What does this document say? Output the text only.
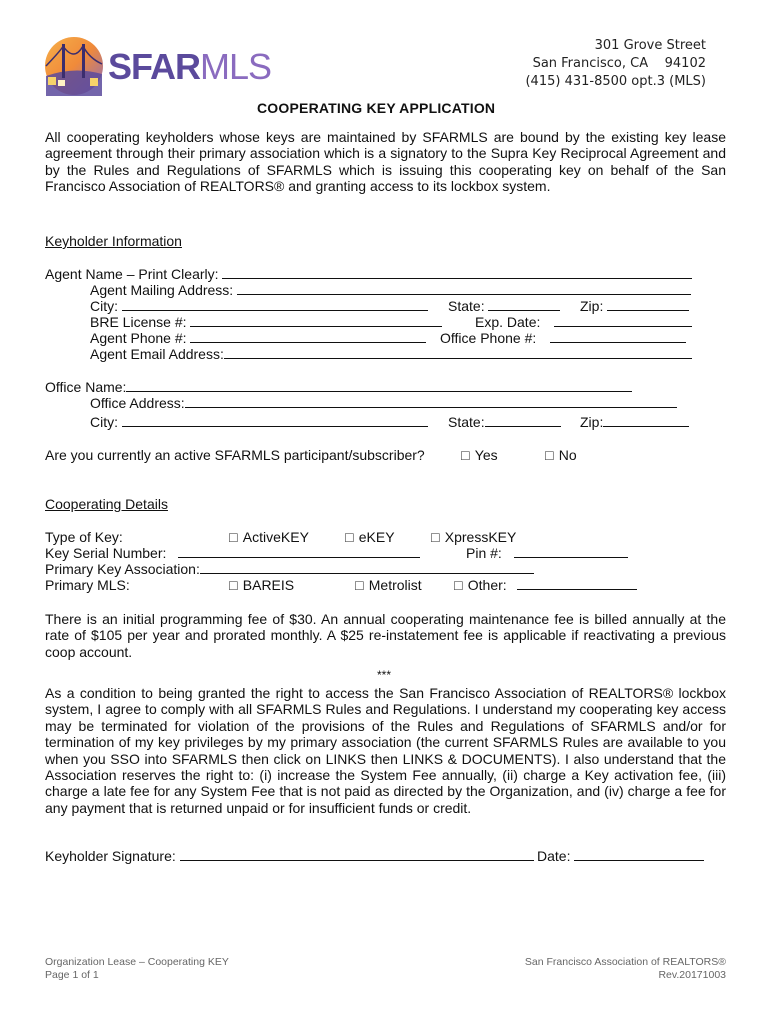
SFARMLS
301 Grove Street
San Francisco, CA    94102
(415) 431-8500 opt.3 (MLS)
COOPERATING KEY APPLICATION
All cooperating keyholders whose keys are maintained by SFARMLS are bound by the existing key lease agreement through their primary association which is a signatory to the Supra Key Reciprocal Agreement and by the Rules and Regulations of SFARMLS which is issuing this cooperating key on behalf of the San Francisco Association of REALTORS® and granting access to its lockbox system.
Keyholder Information
Agent Name – Print Clearly:
Agent Mailing Address:
City:	State:	Zip:
BRE License #:	Exp. Date:
Agent Phone #:	Office Phone #:
Agent Email Address:
Office Name:
Office Address:
City:	State:	Zip:
Are you currently an active SFARMLS participant/subscriber?	☐ Yes	☐ No
Cooperating Details
Type of Key:	☐ ActiveKEY	☐ eKEY	☐ XpressKEY
Key Serial Number:	Pin #:
Primary Key Association:
Primary MLS:	☐ BAREIS	☐ Metrolist	☐ Other:
There is an initial programming fee of $30. An annual cooperating maintenance fee is billed annually at the rate of $105 per year and prorated monthly. A $25 re-instatement fee is applicable if reactivating a previous coop account.
***
As a condition to being granted the right to access the San Francisco Association of REALTORS® lockbox system, I agree to comply with all SFARMLS Rules and Regulations. I understand my cooperating key access may be terminated for violation of the provisions of the Rules and Regulations of SFARMLS and/or for termination of my key privileges by my primary association (the current SFARMLS Rules are available to you when you SSO into SFARMLS then click on LINKS then LINKS & DOCUMENTS). I also understand that the Association reserves the right to: (i) increase the System Fee annually, (ii) charge a Key activation fee, (iii) charge a late fee for any System Fee that is not paid as directed by the Organization, and (iv) charge a fee for any payment that is returned unpaid or for insufficient funds or credit.
Keyholder Signature:	Date:
Organization Lease – Cooperating KEY
Page 1 of 1
San Francisco Association of REALTORS®
Rev.20171003
